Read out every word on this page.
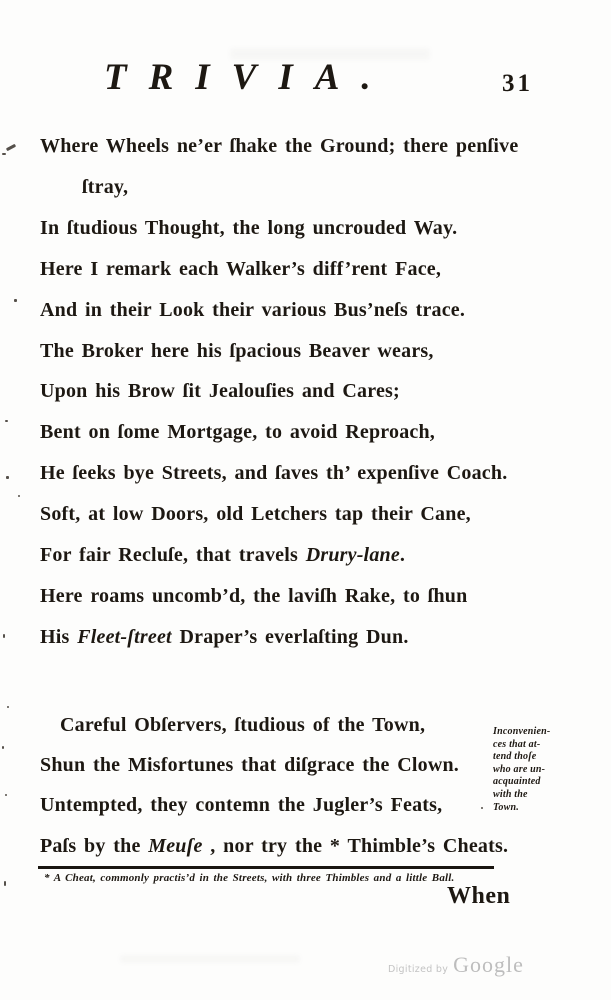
TRIVIA.	31
Where Wheels ne’er ſhake the Ground; there penſive
ſtray,
In ſtudious Thought, the long uncrouded Way.
Here I remark each Walker’s diff’rent Face,
And in their Look their various Bus’neſs trace.
The Broker here his ſpacious Beaver wears,
Upon his Brow ſit Jealouſies and Cares;
Bent on ſome Mortgage, to avoid Reproach,
He ſeeks bye Streets, and ſaves th’ expenſive Coach.
Soft, at low Doors, old Letchers tap their Cane,
For fair Recluſe, that travels Drury-lane.
Here roams uncomb’d, the laviſh Rake, to ſhun
His Fleet-ſtreet Draper’s everlaſting Dun.
Careful Obſervers, ſtudious of the Town,
Shun the Misfortunes that diſgrace the Clown.
Untempted, they contemn the Jugler’s Feats,
Paſs by the Meuſe , nor try the * Thimble’s Cheats.
Inconvenien-
ces that at-
tend thoſe
who are un-
acquainted
with the
Town.
* A Cheat, commonly practis’d in the Streets, with three Thimbles and a little Ball.
When
Digitized by Google
